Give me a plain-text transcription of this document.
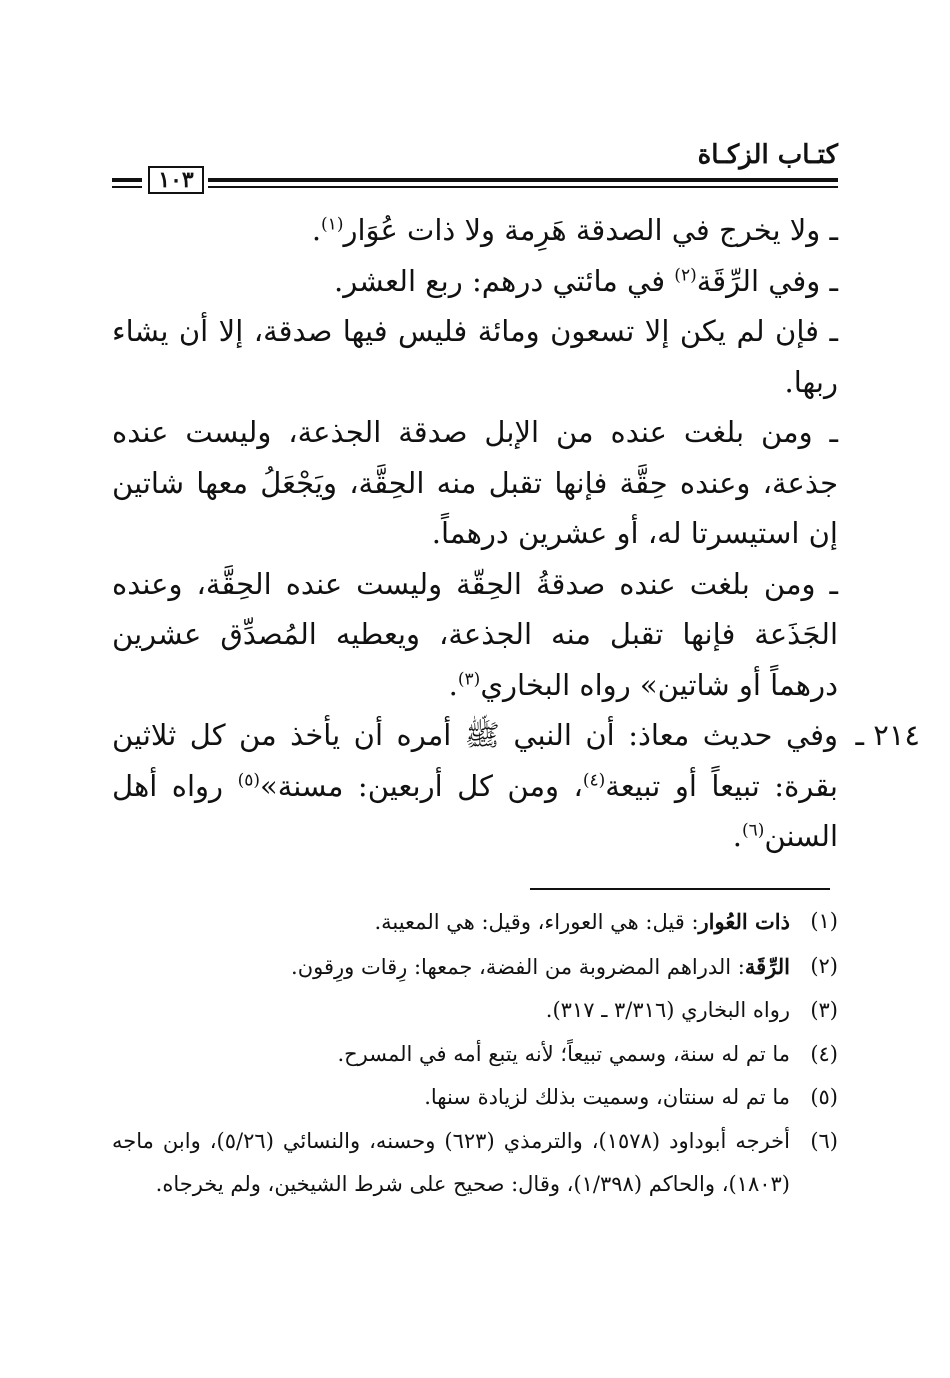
كتـاب الزكـاة
١٠٣

ـ ولا يخرج في الصدقة هَرِمة ولا ذات عُوَار$^{(١)}$.

ـ وفي الرِّقَة$^{(٢)}$ في مائتي درهم: ربع العشر.

ـ فإن لم يكن إلا تسعون ومائة فليس فيها صدقة، إلا أن يشاء ربها.

ـ ومن بلغت عنده من الإبل صدقة الجذعة، وليست عنده جذعة، وعنده حِقَّة فإنها تقبل منه الحِقَّة، ويَجْعَلُ معها شاتين إن استيسرتا له، أو عشرين درهماً.

ـ ومن بلغت عنده صدقةُ الحِقّة وليست عنده الحِقَّة، وعنده الجَذَعة فإنها تقبل منه الجذعة، ويعطيه المُصدِّق عشرين درهماً أو شاتين» رواه البخاري$^{(٣)}$.

٢١٤ ـ
وفي حديث معاذ: أن النبي ﷺ أمره أن يأخذ من كل ثلاثين بقرة: تبيعاً أو تبيعة$^{(٤)}$، ومن كل أربعين: مسنة»$^{(٥)}$ رواه أهل السنن$^{(٦)}$.

(١)
ذات العُوار: قيل: هي العوراء، وقيل: هي المعيبة.

(٢)
الرِّقَة: الدراهم المضروبة من الفضة، جمعها: رِقات ورِقون.

(٣)
رواه البخاري (٣/٣١٦ ـ ٣١٧).

(٤)
ما تم له سنة، وسمي تبيعاً؛ لأنه يتبع أمه في المسرح.

(٥)
ما تم له سنتان، وسميت بذلك لزيادة سنها.

(٦)
أخرجه أبوداود (١٥٧٨)، والترمذي (٦٢٣) وحسنه، والنسائي (٥/٢٦)، وابن ماجه (١٨٠٣)، والحاكم (١/٣٩٨)، وقال: صحيح على شرط الشيخين، ولم يخرجاه.
